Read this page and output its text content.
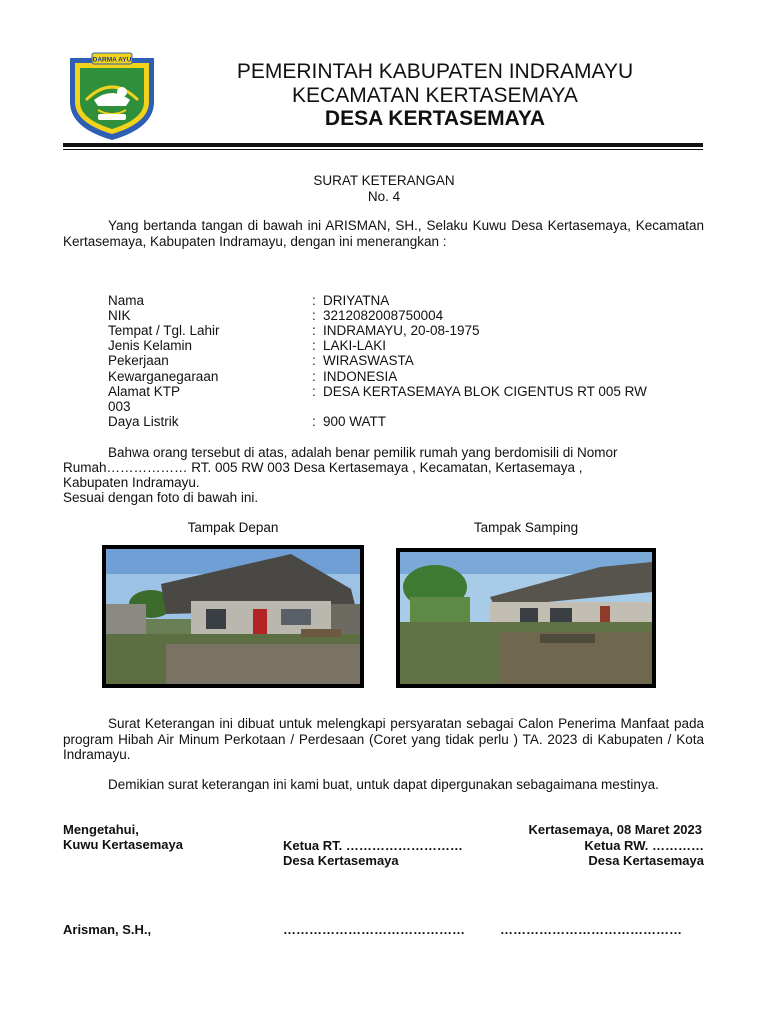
DARMA AYU	PEMERINTAH KABUPATEN INDRAMAYU
KECAMATAN KERTASEMAYA
DESA KERTASEMAYA
SURAT KETERANGAN
No. 4
Yang bertanda tangan di bawah ini ARISMAN, SH., Selaku Kuwu Desa Kertasemaya, Kecamatan Kertasemaya, Kabupaten Indramayu, dengan ini menerangkan :
Nama	: DRIYATNA
NIK	: 3212082008750004
Tempat / Tgl. Lahir	: INDRAMAYU, 20-08-1975
Jenis Kelamin	: LAKI-LAKI
Pekerjaan	: WIRASWASTA
Kewarganegaraan	: INDONESIA
Alamat KTP	: DESA KERTASEMAYA BLOK CIGENTUS RT 005 RW
003
Daya Listrik	: 900 WATT
Bahwa orang tersebut di atas, adalah benar pemilik rumah yang berdomisili di Nomor
Rumah……………… RT. 005 RW 003 Desa Kertasemaya , Kecamatan, Kertasemaya ,
Kabupaten Indramayu.
Sesuai dengan foto di bawah ini.
Tampak Depan	Tampak Samping
Surat Keterangan ini dibuat untuk melengkapi persyaratan sebagai Calon Penerima Manfaat pada program Hibah Air Minum Perkotaan / Perdesaan (Coret yang tidak perlu ) TA. 2023 di Kabupaten / Kota Indramayu.
Demikian surat keterangan ini kami buat, untuk dapat dipergunakan sebagaimana mestinya.
Mengetahui,
Kuwu Kertasemaya
Arisman, S.H.,
Ketua RT. ………………………
Desa Kertasemaya
……………………………………
Kertasemaya, 08 Maret 2023
Ketua RW. …………
Desa Kertasemaya
……………………………………
